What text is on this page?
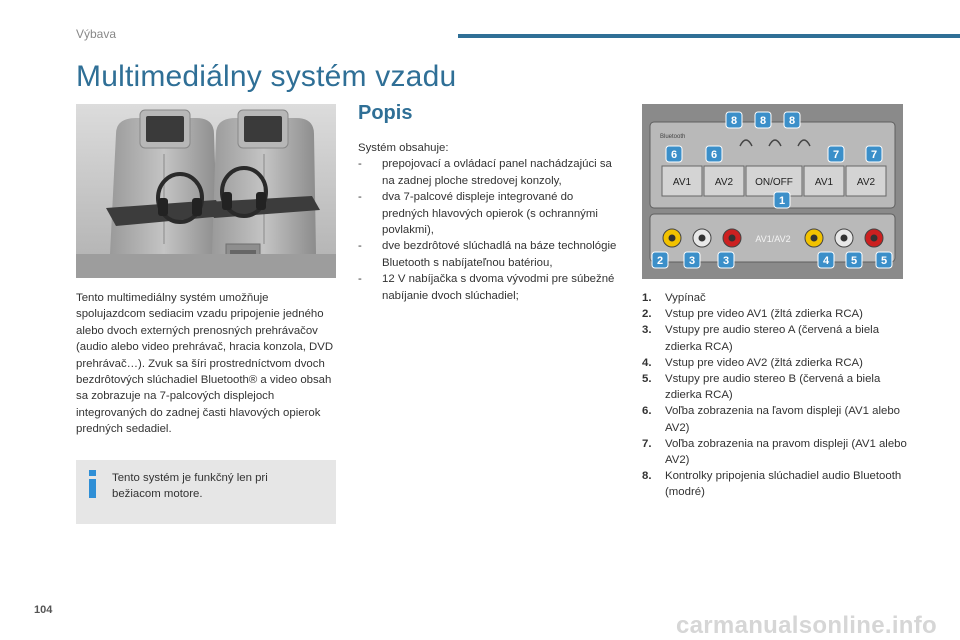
Výbava
Multimediálny systém vzadu
Tento multimediálny systém umožňuje spolujazdcom sediacim vzadu pripojenie jedného alebo dvoch externých prenosných prehrávačov (audio alebo video prehrávač, hracia konzola, DVD prehrávač…). Zvuk sa šíri prostredníctvom dvoch bezdrôtových slúchadiel Bluetooth® a video obsah sa zobrazuje na 7-palcových displejoch integrovaných do zadnej časti hlavových opierok predných sedadiel.
Tento systém je funkčný len pri bežiacom motore.
Popis
Systém obsahuje:
- prepojovací a ovládací panel nachádzajúci sa na zadnej ploche stredovej konzoly,
- dva 7-palcové displeje integrované do predných hlavových opierok (s ochrannými povlakmi),
- dve bezdrôtové slúchadlá na báze technológie Bluetooth s nabíjateľnou batériou,
- 12 V nabíjačka s dvoma vývodmi pre súbežné nabíjanie dvoch slúchadiel;
Bluetooth
AV1 AV2 ON/OFF AV1 AV2
AV1/AV2
8 8 8
6	6	7	7
1
2 3	3	4 5 5
1. Vypínač
2. Vstup pre video AV1 (žltá zdierka RCA)
3. Vstupy pre audio stereo A (červená a biela zdierka RCA)
4. Vstup pre video AV2 (žltá zdierka RCA)
5. Vstupy pre audio stereo B (červená a biela zdierka RCA)
6. Voľba zobrazenia na ľavom displeji (AV1 alebo AV2)
7. Voľba zobrazenia na pravom displeji (AV1 alebo AV2)
8. Kontrolky pripojenia slúchadiel audio Bluetooth (modré)
104
carmanualsonline.info
